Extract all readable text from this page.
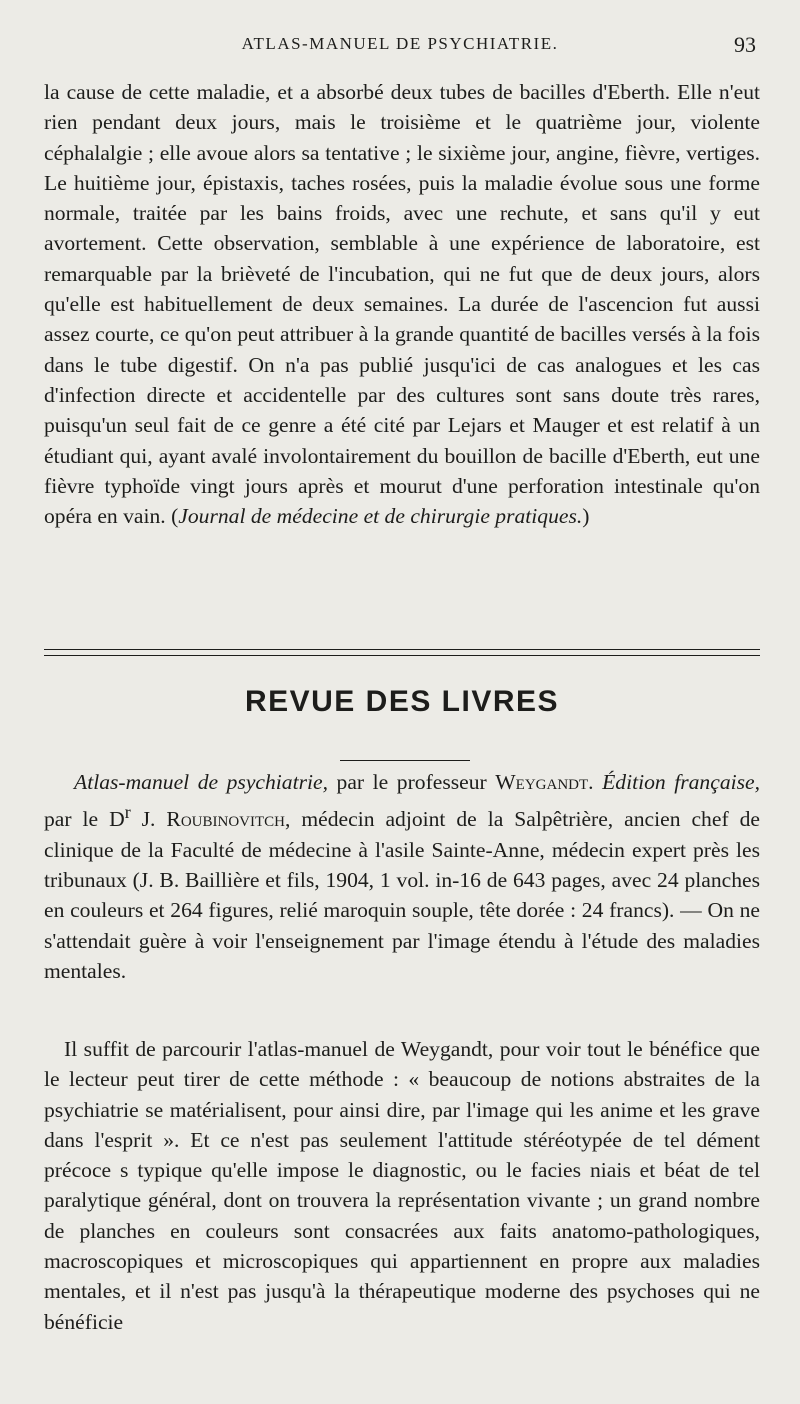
ATLAS-MANUEL DE PSYCHIATRIE.	93

la cause de cette maladie, et a absorbé deux tubes de bacilles d'Eberth. Elle n'eut rien pendant deux jours, mais le troisième et le quatrième jour, violente céphalalgie ; elle avoue alors sa tentative ; le sixième jour, angine, fièvre, vertiges. Le huitième jour, épistaxis, taches rosées, puis la maladie évolue sous une forme normale, traitée par les bains froids, avec une rechute, et sans qu'il y eut avortement. Cette observation, semblable à une expérience de laboratoire, est remarquable par la brièveté de l'incubation, qui ne fut que de deux jours, alors qu'elle est habituellement de deux semaines. La durée de l'ascencion fut aussi assez courte, ce qu'on peut attribuer à la grande quantité de bacilles versés à la fois dans le tube digestif. On n'a pas publié jusqu'ici de cas analogues et les cas d'infection directe et accidentelle par des cultures sont sans doute très rares, puisqu'un seul fait de ce genre a été cité par Lejars et Mauger et est relatif à un étudiant qui, ayant avalé involontairement du bouillon de bacille d'Eberth, eut une fièvre typhoïde vingt jours après et mourut d'une perforation intestinale qu'on opéra en vain. (Journal de médecine et de chirurgie pratiques.)

REVUE DES LIVRES

Atlas-manuel de psychiatrie, par le professeur Weygandt. Édition française, par le $D^r$ J. Roubinovitch, médecin adjoint de la Salpêtrière, ancien chef de clinique de la Faculté de médecine à l'asile Sainte-Anne, médecin expert près les tribunaux (J. B. Baillière et fils, 1904, 1 vol. in-16 de 643 pages, avec 24 planches en couleurs et 264 figures, relié maroquin souple, tête dorée : 24 francs). — On ne s'attendait guère à voir l'enseignement par l'image étendu à l'étude des maladies mentales.

Il suffit de parcourir l'atlas-manuel de Weygandt, pour voir tout le bénéfice que le lecteur peut tirer de cette méthode : « beaucoup de notions abstraites de la psychiatrie se matérialisent, pour ainsi dire, par l'image qui les anime et les grave dans l'esprit ». Et ce n'est pas seulement l'attitude stéréotypée de tel dément précoce s typique qu'elle impose le diagnostic, ou le facies niais et béat de tel paralytique général, dont on trouvera la représentation vivante ; un grand nombre de planches en couleurs sont consacrées aux faits anatomo-pathologiques, macroscopiques et microscopiques qui appartiennent en propre aux maladies mentales, et il n'est pas jusqu'à la thérapeutique moderne des psychoses qui ne bénéficie
